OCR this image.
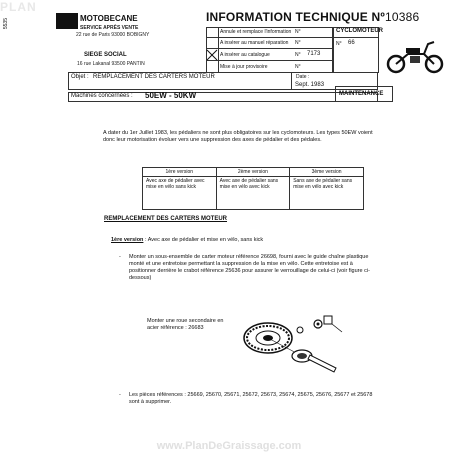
PLAN
5535	MOTOBECANE
SERVICE APRÈS VENTE
22 rue de Paris 93000 BOBIGNY
SIEGE SOCIAL
16 rue Lakanal 93500 PANTIN
INFORMATION TECHNIQUE Nº10386
Annule et remplace l'information N°
A insérer au manuel réparation N°
A insérer au catalogue	N° 7173
Mise à jour provisoire	N°
CYCLOMOTEUR
N° 66
Objet : REMPLACEMENT DES CARTERS MOTEUR	Date :
Sept. 1983
Machines concernées : 50EW - 50KW	MAINTENANCE
A dater du 1er Juillet 1983, les pédaliers ne sont plus obligatoires sur les cyclomoteurs. Les types 50EW voient donc leur motorisation évoluer vers une suppression des axes de pédalier et des pédales.
1ère version	2ème version	3ème version
Avec axe de pédalier avec mise en vélo sans kick	Avec axe de pédalier sans mise en vélo avec kick	Sans axe de pédalier sans mise en vélo avec kick
REMPLACEMENT DES CARTERS MOTEUR
1ère version : Avec axe de pédalier et mise en vélo, sans kick
- Monter un sous-ensemble de carter moteur référence 26698, fourni avec le guide chaîne plastique monté et une entretoise permettant la suppression de la mise en vélo. Cette entretoise est à positionner derrière le crabot référence 25636 pour assurer le verrouillage de celui-ci (voir figure ci-dessous)
Monter une roue secondaire en acier référence : 26683
- Les pièces références : 25669, 25670, 25671, 25672, 25673, 25674, 25675, 25676, 25677 et 25678 sont à supprimer.
www.PlanDeGraissage.com
